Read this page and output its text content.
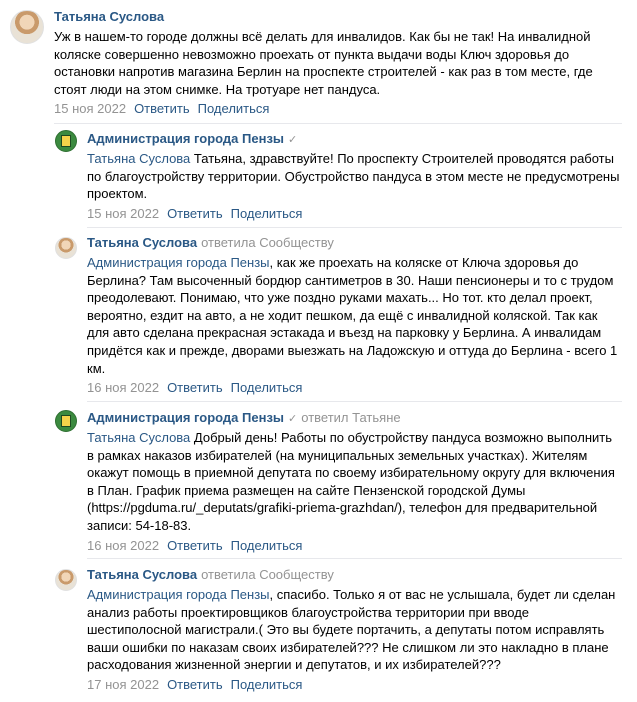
Татьяна Суслова
Уж в нашем-то городе должны всё делать для инвалидов. Как бы не так! На инвалидной коляске совершенно невозможно проехать от пункта выдачи воды Ключ здоровья до остановки напротив магазина Берлин на проспекте строителей - как раз в том месте, где стоят люди на этом снимке. На тротуаре нет пандуса.
15 ноя 2022 Ответить Поделиться
Администрация города Пензы ✓
Татьяна Суслова Татьяна, здравствуйте! По проспекту Строителей проводятся работы по благоустройству территории. Обустройство пандуса в этом месте не предусмотрены проектом.
15 ноя 2022 Ответить Поделиться
Татьяна Суслова ответила Сообществу
Администрация города Пензы, как же проехать на коляске от Ключа здоровья до Берлина? Там высоченный бордюр сантиметров в 30. Наши пенсионеры и то с трудом преодолевают. Понимаю, что уже поздно руками махать... Но тот. кто делал проект, вероятно, ездит на авто, а не ходит пешком, да ещё с инвалидной коляской. Так как для авто сделана прекрасная эстакада и въезд на парковку у Берлина. А инвалидам придётся как и прежде, дворами выезжать на Ладожскую и оттуда до Берлина - всего 1 км.
16 ноя 2022 Ответить Поделиться
Администрация города Пензы ✓ ответил Татьяне
Татьяна Суслова Добрый день! Работы по обустройству пандуса возможно выполнить в рамках наказов избирателей (на муниципальных земельных участках). Жителям окажут помощь в приемной депутата по своему избирательному округу для включения в План. График приема размещен на сайте Пензенской городской Думы (https://pgduma.ru/_deputats/grafiki-priema-grazhdan/), телефон для предварительной записи: 54-18-83.
16 ноя 2022 Ответить Поделиться
Татьяна Суслова ответила Сообществу
Администрация города Пензы, спасибо. Только я от вас не услышала, будет ли сделан анализ работы проектировщиков благоустройства территории при вводе шестиполосной магистрали.( Это вы будете портачить, а депутаты потом исправлять ваши ошибки по наказам своих избирателей??? Не слишком ли это накладно в плане расходования жизненной энергии и депутатов, и их избирателей???
17 ноя 2022 Ответить Поделиться
